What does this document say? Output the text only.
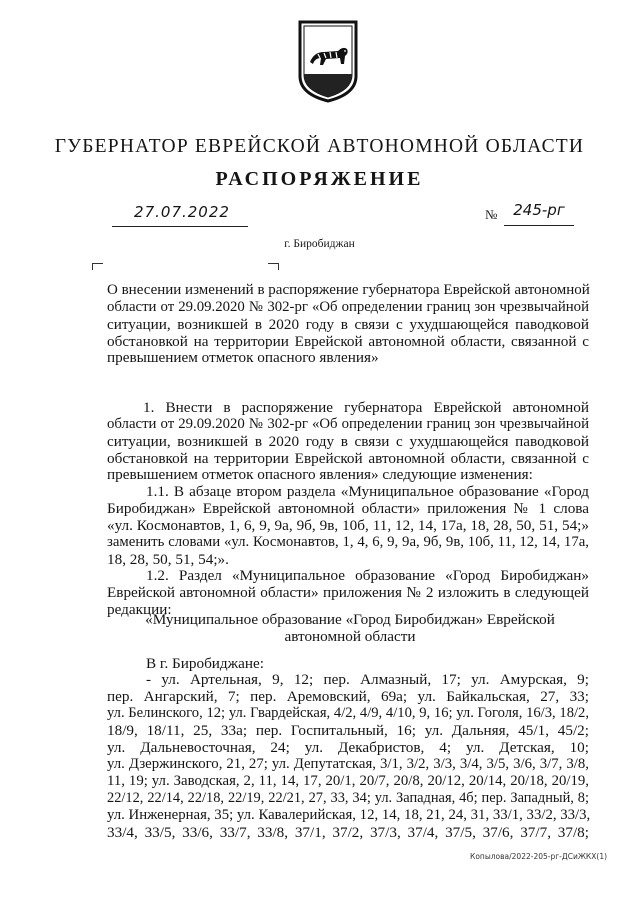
ГУБЕРНАТОР ЕВРЕЙСКОЙ АВТОНОМНОЙ ОБЛАСТИ
РАСПОРЯЖЕНИЕ
27.07.2022	№	245-рг
г. Биробиджан
О внесении изменений в распоряжение губернатора Еврейской автономной
области от 29.09.2020 № 302-рг «Об определении границ зон чрезвычайной
ситуации, возникшей в 2020 году в связи с ухудшающейся паводковой
обстановкой на территории Еврейской автономной области, связанной с
превышением отметок опасного явления»
1. Внести в распоряжение губернатора Еврейской автономной
области от 29.09.2020 № 302-рг «Об определении границ зон чрезвычайной
ситуации, возникшей в 2020 году в связи с ухудшающейся паводковой
обстановкой на территории Еврейской автономной области, связанной с
превышением отметок опасного явления» следующие изменения:
1.1. В абзаце втором раздела «Муниципальное образование «Город
Биробиджан» Еврейской автономной области» приложения № 1 слова
«ул. Космонавтов, 1, 6, 9, 9а, 9б, 9в, 10б, 11, 12, 14, 17а, 18, 28, 50, 51, 54;»
заменить словами «ул. Космонавтов, 1, 4, 6, 9, 9а, 9б, 9в, 10б, 11, 12, 14, 17а,
18, 28, 50, 51, 54;».
1.2. Раздел «Муниципальное образование «Город Биробиджан»
Еврейской автономной области» приложения № 2 изложить в следующей
редакции:
«Муниципальное образование «Город Биробиджан» Еврейской
автономной области
В г. Биробиджане:
- ул. Артельная, 9, 12; пер. Алмазный, 17; ул. Амурская, 9;
пер. Ангарский, 7; пер. Аремовский, 69а; ул. Байкальская, 27, 33;
ул. Белинского, 12; ул. Гвардейская, 4/2, 4/9, 4/10, 9, 16; ул. Гоголя, 16/3, 18/2,
18/9, 18/11, 25, 33а; пер. Госпитальный, 16; ул. Дальняя, 45/1, 45/2;
ул. Дальневосточная, 24; ул. Декабристов, 4; ул. Детская, 10;
ул. Дзержинского, 21, 27; ул. Депутатская, 3/1, 3/2, 3/3, 3/4, 3/5, 3/6, 3/7, 3/8,
11, 19; ул. Заводская, 2, 11, 14, 17, 20/1, 20/7, 20/8, 20/12, 20/14, 20/18, 20/19,
22/12, 22/14, 22/18, 22/19, 22/21, 27, 33, 34; ул. Западная, 4б; пер. Западный, 8;
ул. Инженерная, 35; ул. Кавалерийская, 12, 14, 18, 21, 24, 31, 33/1, 33/2, 33/3,
33/4, 33/5, 33/6, 33/7, 33/8, 37/1, 37/2, 37/3, 37/4, 37/5, 37/6, 37/7, 37/8;
Копылова/2022-205-рг-ДСиЖКХ(1)
